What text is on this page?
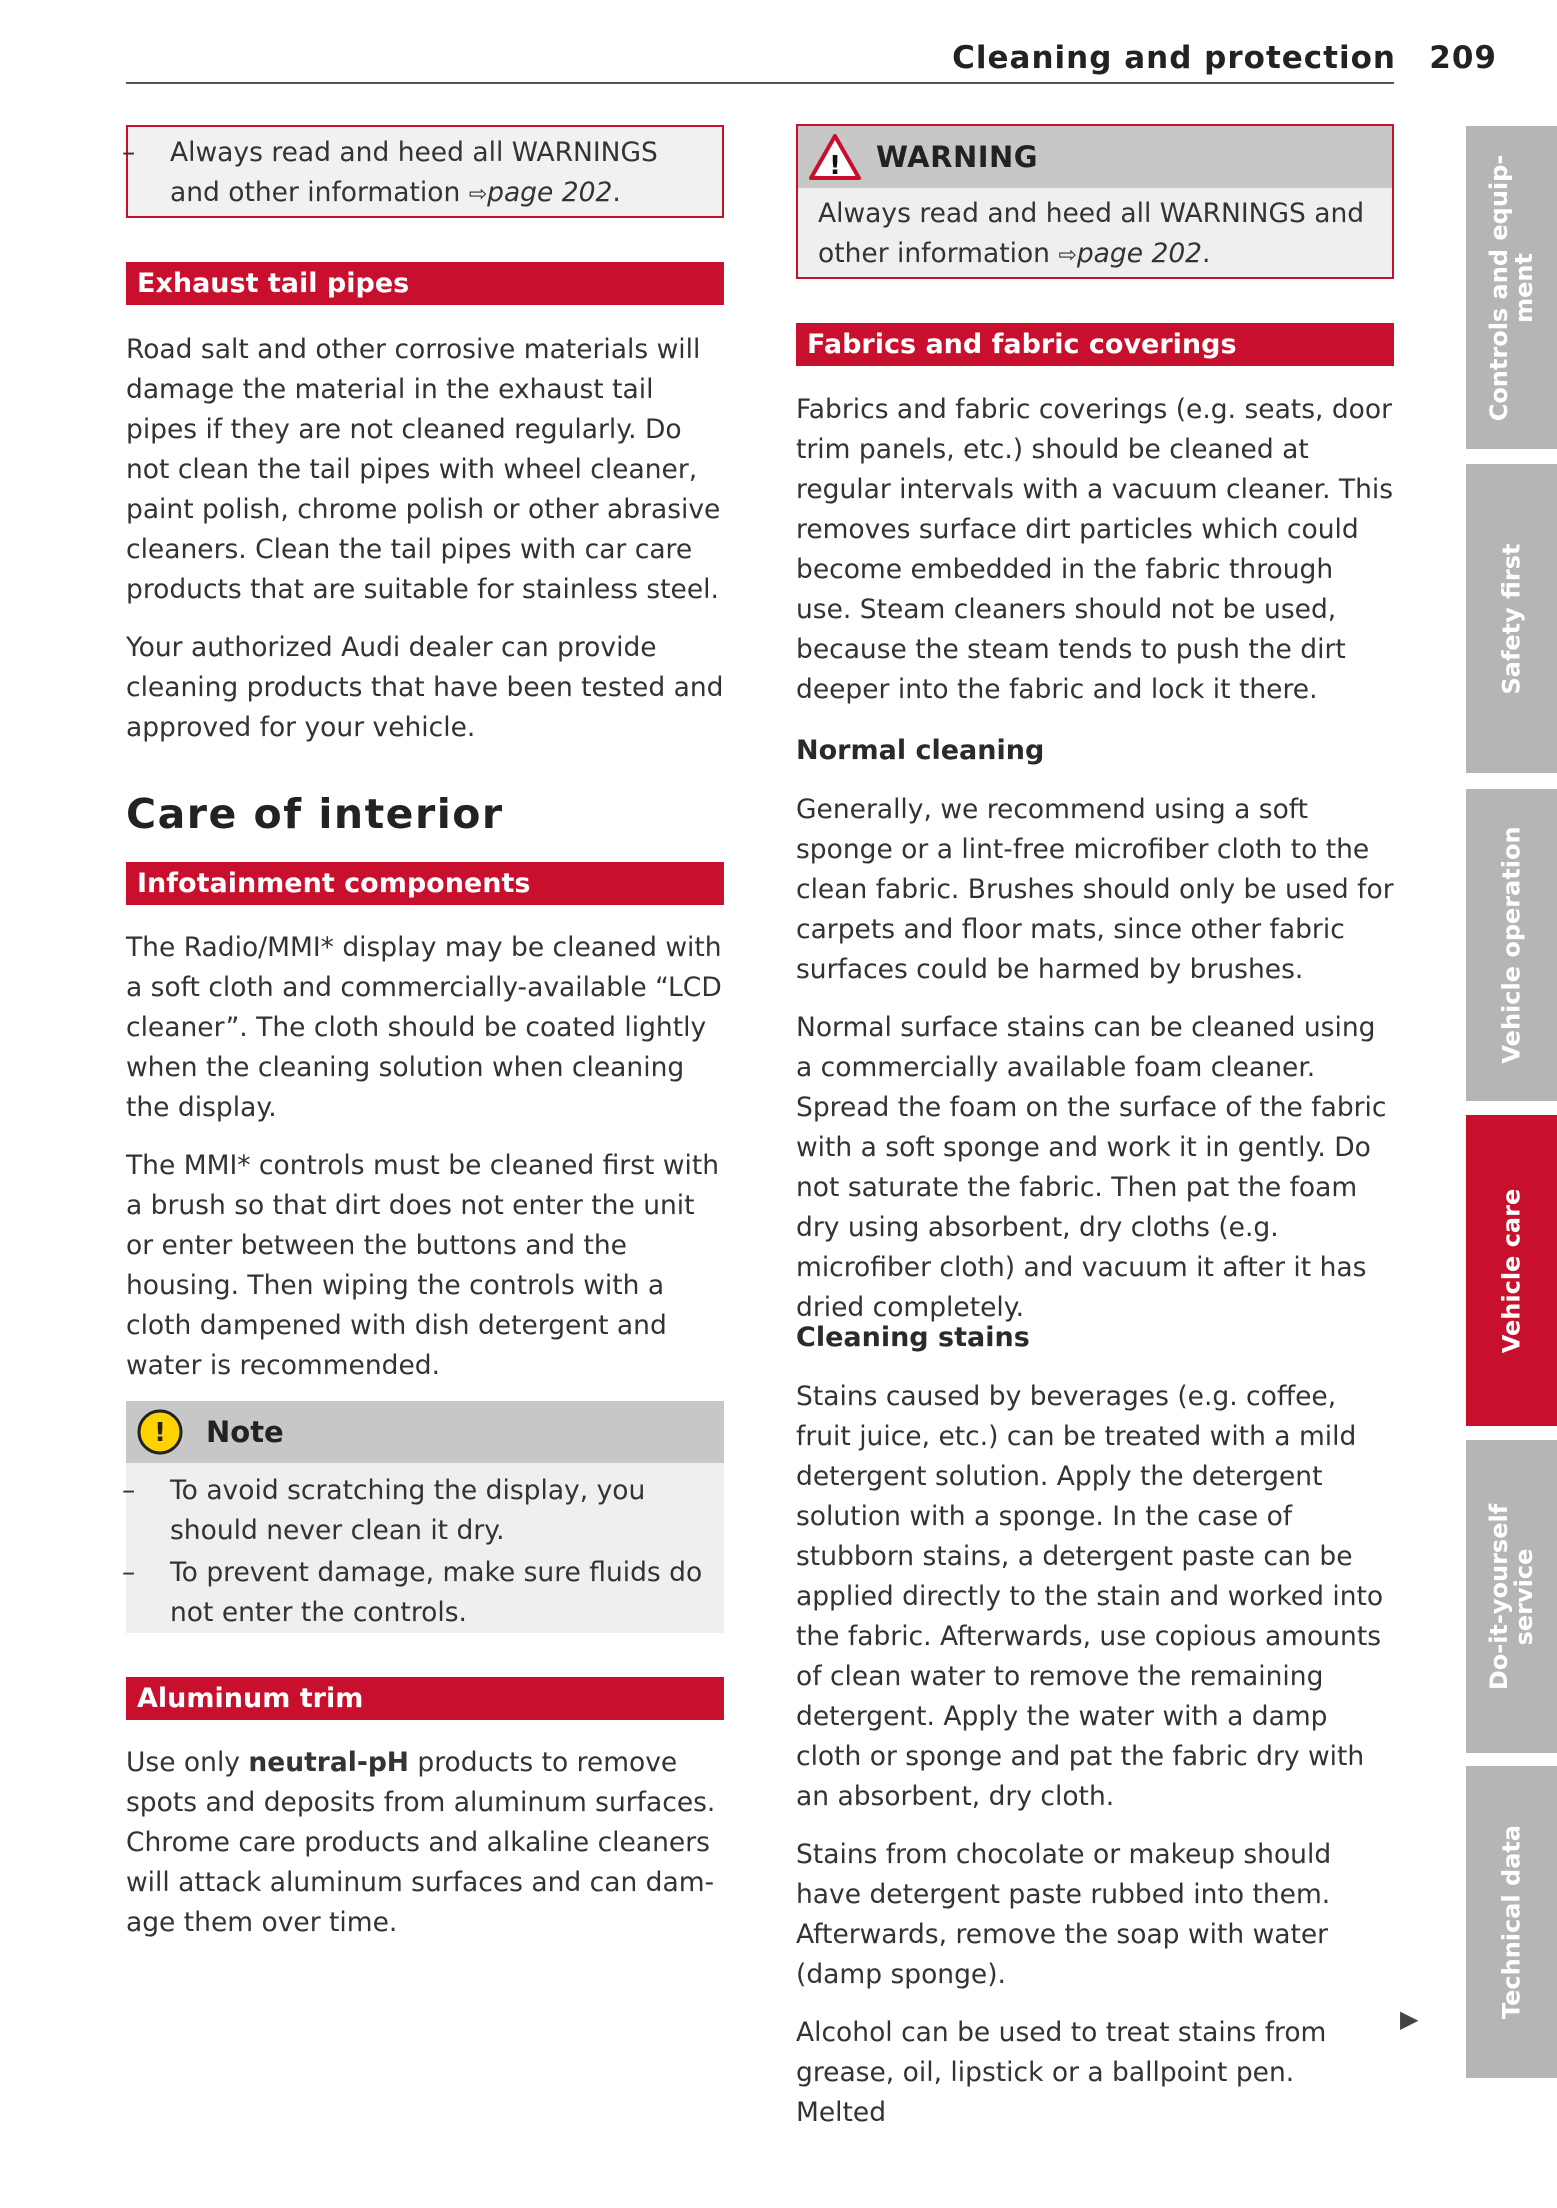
Cleaning and protection 209
– Always read and heed all WARNINGS and other information ⇨page 202.
Exhaust tail pipes

Road salt and other corrosive materials will damage the material in the exhaust tail pipes if they are not cleaned regularly. Do not clean the tail pipes with wheel cleaner, paint polish, chrome polish or other abrasive cleaners. Clean the tail pipes with car care products that are suitable for stainless steel.

Your authorized Audi dealer can provide cleaning products that have been tested and approved for your vehicle.

Care of interior
Infotainment components

The Radio/MMI* display may be cleaned with a soft cloth and commercially-available “LCD cleaner”. The cloth should be coated lightly when the cleaning solution when cleaning the display.

The MMI* controls must be cleaned first with a brush so that dirt does not enter the unit or enter between the buttons and the housing. Then wiping the controls with a cloth dampened with dish detergent and water is recommended.

! Note
– To avoid scratching the display, you should never clean it dry.
– To prevent damage, make sure fluids do not enter the controls.
Aluminum trim

Use only neutral-pH products to remove spots and deposits from aluminum surfaces. Chrome care products and alkaline cleaners will attack aluminum surfaces and can damage them over time.

! WARNING
Always read and heed all WARNINGS and other information ⇨page 202.
Fabrics and fabric coverings

Fabrics and fabric coverings (e.g. seats, door trim panels, etc.) should be cleaned at regular intervals with a vacuum cleaner. This removes surface dirt particles which could become embedded in the fabric through use. Steam cleaners should not be used, because the steam tends to push the dirt deeper into the fabric and lock it there.

Normal cleaning

Generally, we recommend using a soft sponge or a lint-free microfiber cloth to the clean fabric. Brushes should only be used for carpets and floor mats, since other fabric surfaces could be harmed by brushes.

Normal surface stains can be cleaned using a commercially available foam cleaner. Spread the foam on the surface of the fabric with a soft sponge and work it in gently. Do not saturate the fabric. Then pat the foam dry using absorbent, dry cloths (e.g. microfiber cloth) and vacuum it after it has dried completely.

Cleaning stains

Stains caused by beverages (e.g. coffee, fruit juice, etc.) can be treated with a mild detergent solution. Apply the detergent solution with a sponge. In the case of stubborn stains, a detergent paste can be applied directly to the stain and worked into the fabric. Afterwards, use copious amounts of clean water to remove the remaining detergent. Apply the water with a damp cloth or sponge and pat the fabric dry with an absorbent, dry cloth.

Stains from chocolate or makeup should have detergent paste rubbed into them. Afterwards, remove the soap with water (damp sponge).

Alcohol can be used to treat stains from grease, oil, lipstick or a ballpoint pen. Melted

▶
Controls and equip-
ment
Safety first
Vehicle operation
Vehicle care
Do-it-yourself
service
Technical data
